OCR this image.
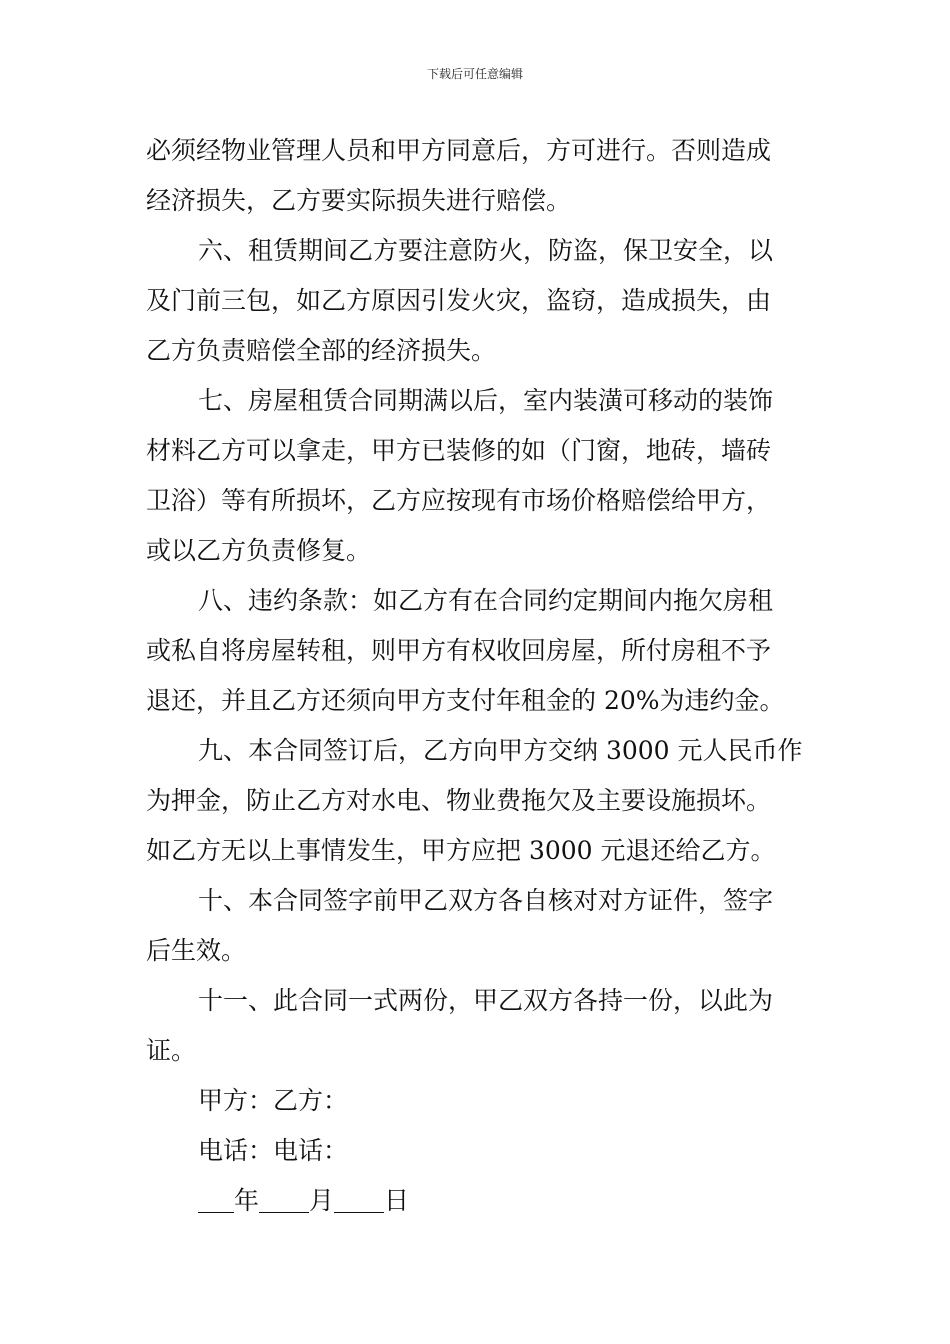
下载后可任意编辑
必须经物业管理人员和甲方同意后，方可进行。否则造成
经济损失，乙方要实际损失进行赔偿。
六、租赁期间乙方要注意防火，防盗，保卫安全，以
及门前三包，如乙方原因引发火灾，盗窃，造成损失，由
乙方负责赔偿全部的经济损失。
七、房屋租赁合同期满以后，室内装潢可移动的装饰
材料乙方可以拿走，甲方已装修的如（门窗，地砖，墙砖
卫浴）等有所损坏，乙方应按现有市场价格赔偿给甲方，
或以乙方负责修复。
八、违约条款：如乙方有在合同约定期间内拖欠房租
或私自将房屋转租，则甲方有权收回房屋，所付房租不予
退还，并且乙方还须向甲方支付年租金的 20%为违约金。
九、本合同签订后，乙方向甲方交纳 3000 元人民币作
为押金，防止乙方对水电、物业费拖欠及主要设施损坏。
如乙方无以上事情发生，甲方应把 3000 元退还给乙方。
十、本合同签字前甲乙双方各自核对对方证件，签字
后生效。
十一、此合同一式两份，甲乙双方各持一份，以此为
证。
甲方：乙方：
电话：电话：
年 月 日
